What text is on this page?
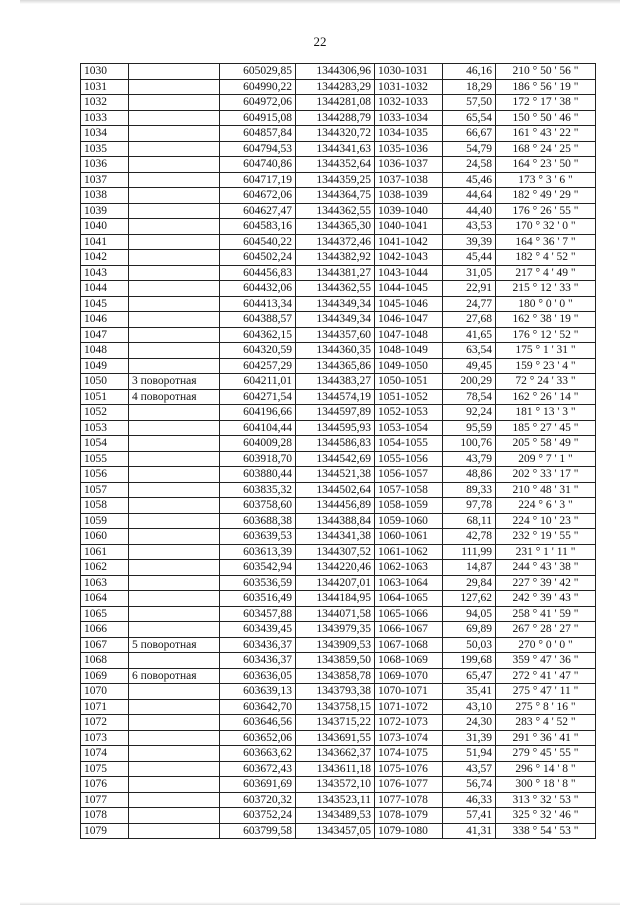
22
1030		605029,85	1344306,96	1030-1031	46,16	210 ° 50 ' 56 "
1031		604990,22	1344283,29	1031-1032	18,29	186 ° 56 ' 19 "
1032		604972,06	1344281,08	1032-1033	57,50	172 ° 17 ' 38 "
1033		604915,08	1344288,79	1033-1034	65,54	150 ° 50 ' 46 "
1034		604857,84	1344320,72	1034-1035	66,67	161 ° 43 ' 22 "
1035		604794,53	1344341,63	1035-1036	54,79	168 ° 24 ' 25 "
1036		604740,86	1344352,64	1036-1037	24,58	164 ° 23 ' 50 "
1037		604717,19	1344359,25	1037-1038	45,46	173 ° 3 ' 6 "
1038		604672,06	1344364,75	1038-1039	44,64	182 ° 49 ' 29 "
1039		604627,47	1344362,55	1039-1040	44,40	176 ° 26 ' 55 "
1040		604583,16	1344365,30	1040-1041	43,53	170 ° 32 ' 0 "
1041		604540,22	1344372,46	1041-1042	39,39	164 ° 36 ' 7 "
1042		604502,24	1344382,92	1042-1043	45,44	182 ° 4 ' 52 "
1043		604456,83	1344381,27	1043-1044	31,05	217 ° 4 ' 49 "
1044		604432,06	1344362,55	1044-1045	22,91	215 ° 12 ' 33 "
1045		604413,34	1344349,34	1045-1046	24,77	180 ° 0 ' 0 "
1046		604388,57	1344349,34	1046-1047	27,68	162 ° 38 ' 19 "
1047		604362,15	1344357,60	1047-1048	41,65	176 ° 12 ' 52 "
1048		604320,59	1344360,35	1048-1049	63,54	175 ° 1 ' 31 "
1049		604257,29	1344365,86	1049-1050	49,45	159 ° 23 ' 4 "
1050	3 поворотная	604211,01	1344383,27	1050-1051	200,29	72 ° 24 ' 33 "
1051	4 поворотная	604271,54	1344574,19	1051-1052	78,54	162 ° 26 ' 14 "
1052		604196,66	1344597,89	1052-1053	92,24	181 ° 13 ' 3 "
1053		604104,44	1344595,93	1053-1054	95,59	185 ° 27 ' 45 "
1054		604009,28	1344586,83	1054-1055	100,76	205 ° 58 ' 49 "
1055		603918,70	1344542,69	1055-1056	43,79	209 ° 7 ' 1 "
1056		603880,44	1344521,38	1056-1057	48,86	202 ° 33 ' 17 "
1057		603835,32	1344502,64	1057-1058	89,33	210 ° 48 ' 31 "
1058		603758,60	1344456,89	1058-1059	97,78	224 ° 6 ' 3 "
1059		603688,38	1344388,84	1059-1060	68,11	224 ° 10 ' 23 "
1060		603639,53	1344341,38	1060-1061	42,78	232 ° 19 ' 55 "
1061		603613,39	1344307,52	1061-1062	111,99	231 ° 1 ' 11 "
1062		603542,94	1344220,46	1062-1063	14,87	244 ° 43 ' 38 "
1063		603536,59	1344207,01	1063-1064	29,84	227 ° 39 ' 42 "
1064		603516,49	1344184,95	1064-1065	127,62	242 ° 39 ' 43 "
1065		603457,88	1344071,58	1065-1066	94,05	258 ° 41 ' 59 "
1066		603439,45	1343979,35	1066-1067	69,89	267 ° 28 ' 27 "
1067	5 поворотная	603436,37	1343909,53	1067-1068	50,03	270 ° 0 ' 0 "
1068		603436,37	1343859,50	1068-1069	199,68	359 ° 47 ' 36 "
1069	6 поворотная	603636,05	1343858,78	1069-1070	65,47	272 ° 41 ' 47 "
1070		603639,13	1343793,38	1070-1071	35,41	275 ° 47 ' 11 "
1071		603642,70	1343758,15	1071-1072	43,10	275 ° 8 ' 16 "
1072		603646,56	1343715,22	1072-1073	24,30	283 ° 4 ' 52 "
1073		603652,06	1343691,55	1073-1074	31,39	291 ° 36 ' 41 "
1074		603663,62	1343662,37	1074-1075	51,94	279 ° 45 ' 55 "
1075		603672,43	1343611,18	1075-1076	43,57	296 ° 14 ' 8 "
1076		603691,69	1343572,10	1076-1077	56,74	300 ° 18 ' 8 "
1077		603720,32	1343523,11	1077-1078	46,33	313 ° 32 ' 53 "
1078		603752,24	1343489,53	1078-1079	57,41	325 ° 32 ' 46 "
1079		603799,58	1343457,05	1079-1080	41,31	338 ° 54 ' 53 "
